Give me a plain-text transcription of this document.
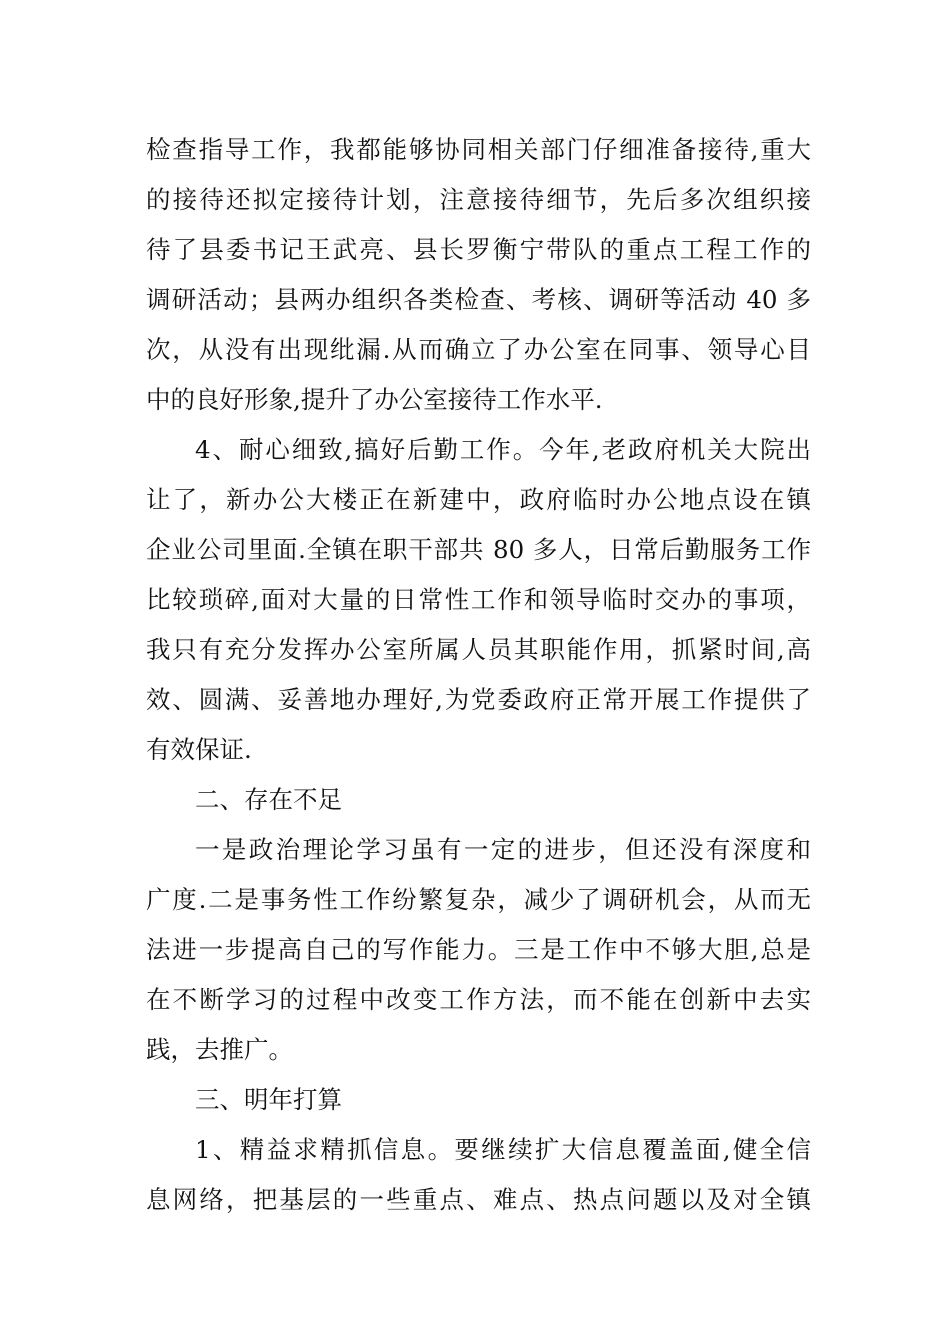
检查指导工作，我都能够协同相关部门仔细准备接待,重大
的接待还拟定接待计划，注意接待细节，先后多次组织接
待了县委书记王武亮、县长罗衡宁带队的重点工程工作的
调研活动；县两办组织各类检查、考核、调研等活动 40 多
次，从没有出现纰漏.从而确立了办公室在同事、领导心目
中的良好形象,提升了办公室接待工作水平.
4、耐心细致,搞好后勤工作。今年,老政府机关大院出
让了，新办公大楼正在新建中，政府临时办公地点设在镇
企业公司里面.全镇在职干部共 80 多人，日常后勤服务工作
比较琐碎,面对大量的日常性工作和领导临时交办的事项，
我只有充分发挥办公室所属人员其职能作用，抓紧时间,高
效、圆满、妥善地办理好,为党委政府正常开展工作提供了
有效保证.
二、存在不足
一是政治理论学习虽有一定的进步，但还没有深度和
广度.二是事务性工作纷繁复杂，减少了调研机会，从而无
法进一步提高自己的写作能力。三是工作中不够大胆,总是
在不断学习的过程中改变工作方法，而不能在创新中去实
践，去推广。
三、明年打算
1、精益求精抓信息。要继续扩大信息覆盖面,健全信
息网络，把基层的一些重点、难点、热点问题以及对全镇
